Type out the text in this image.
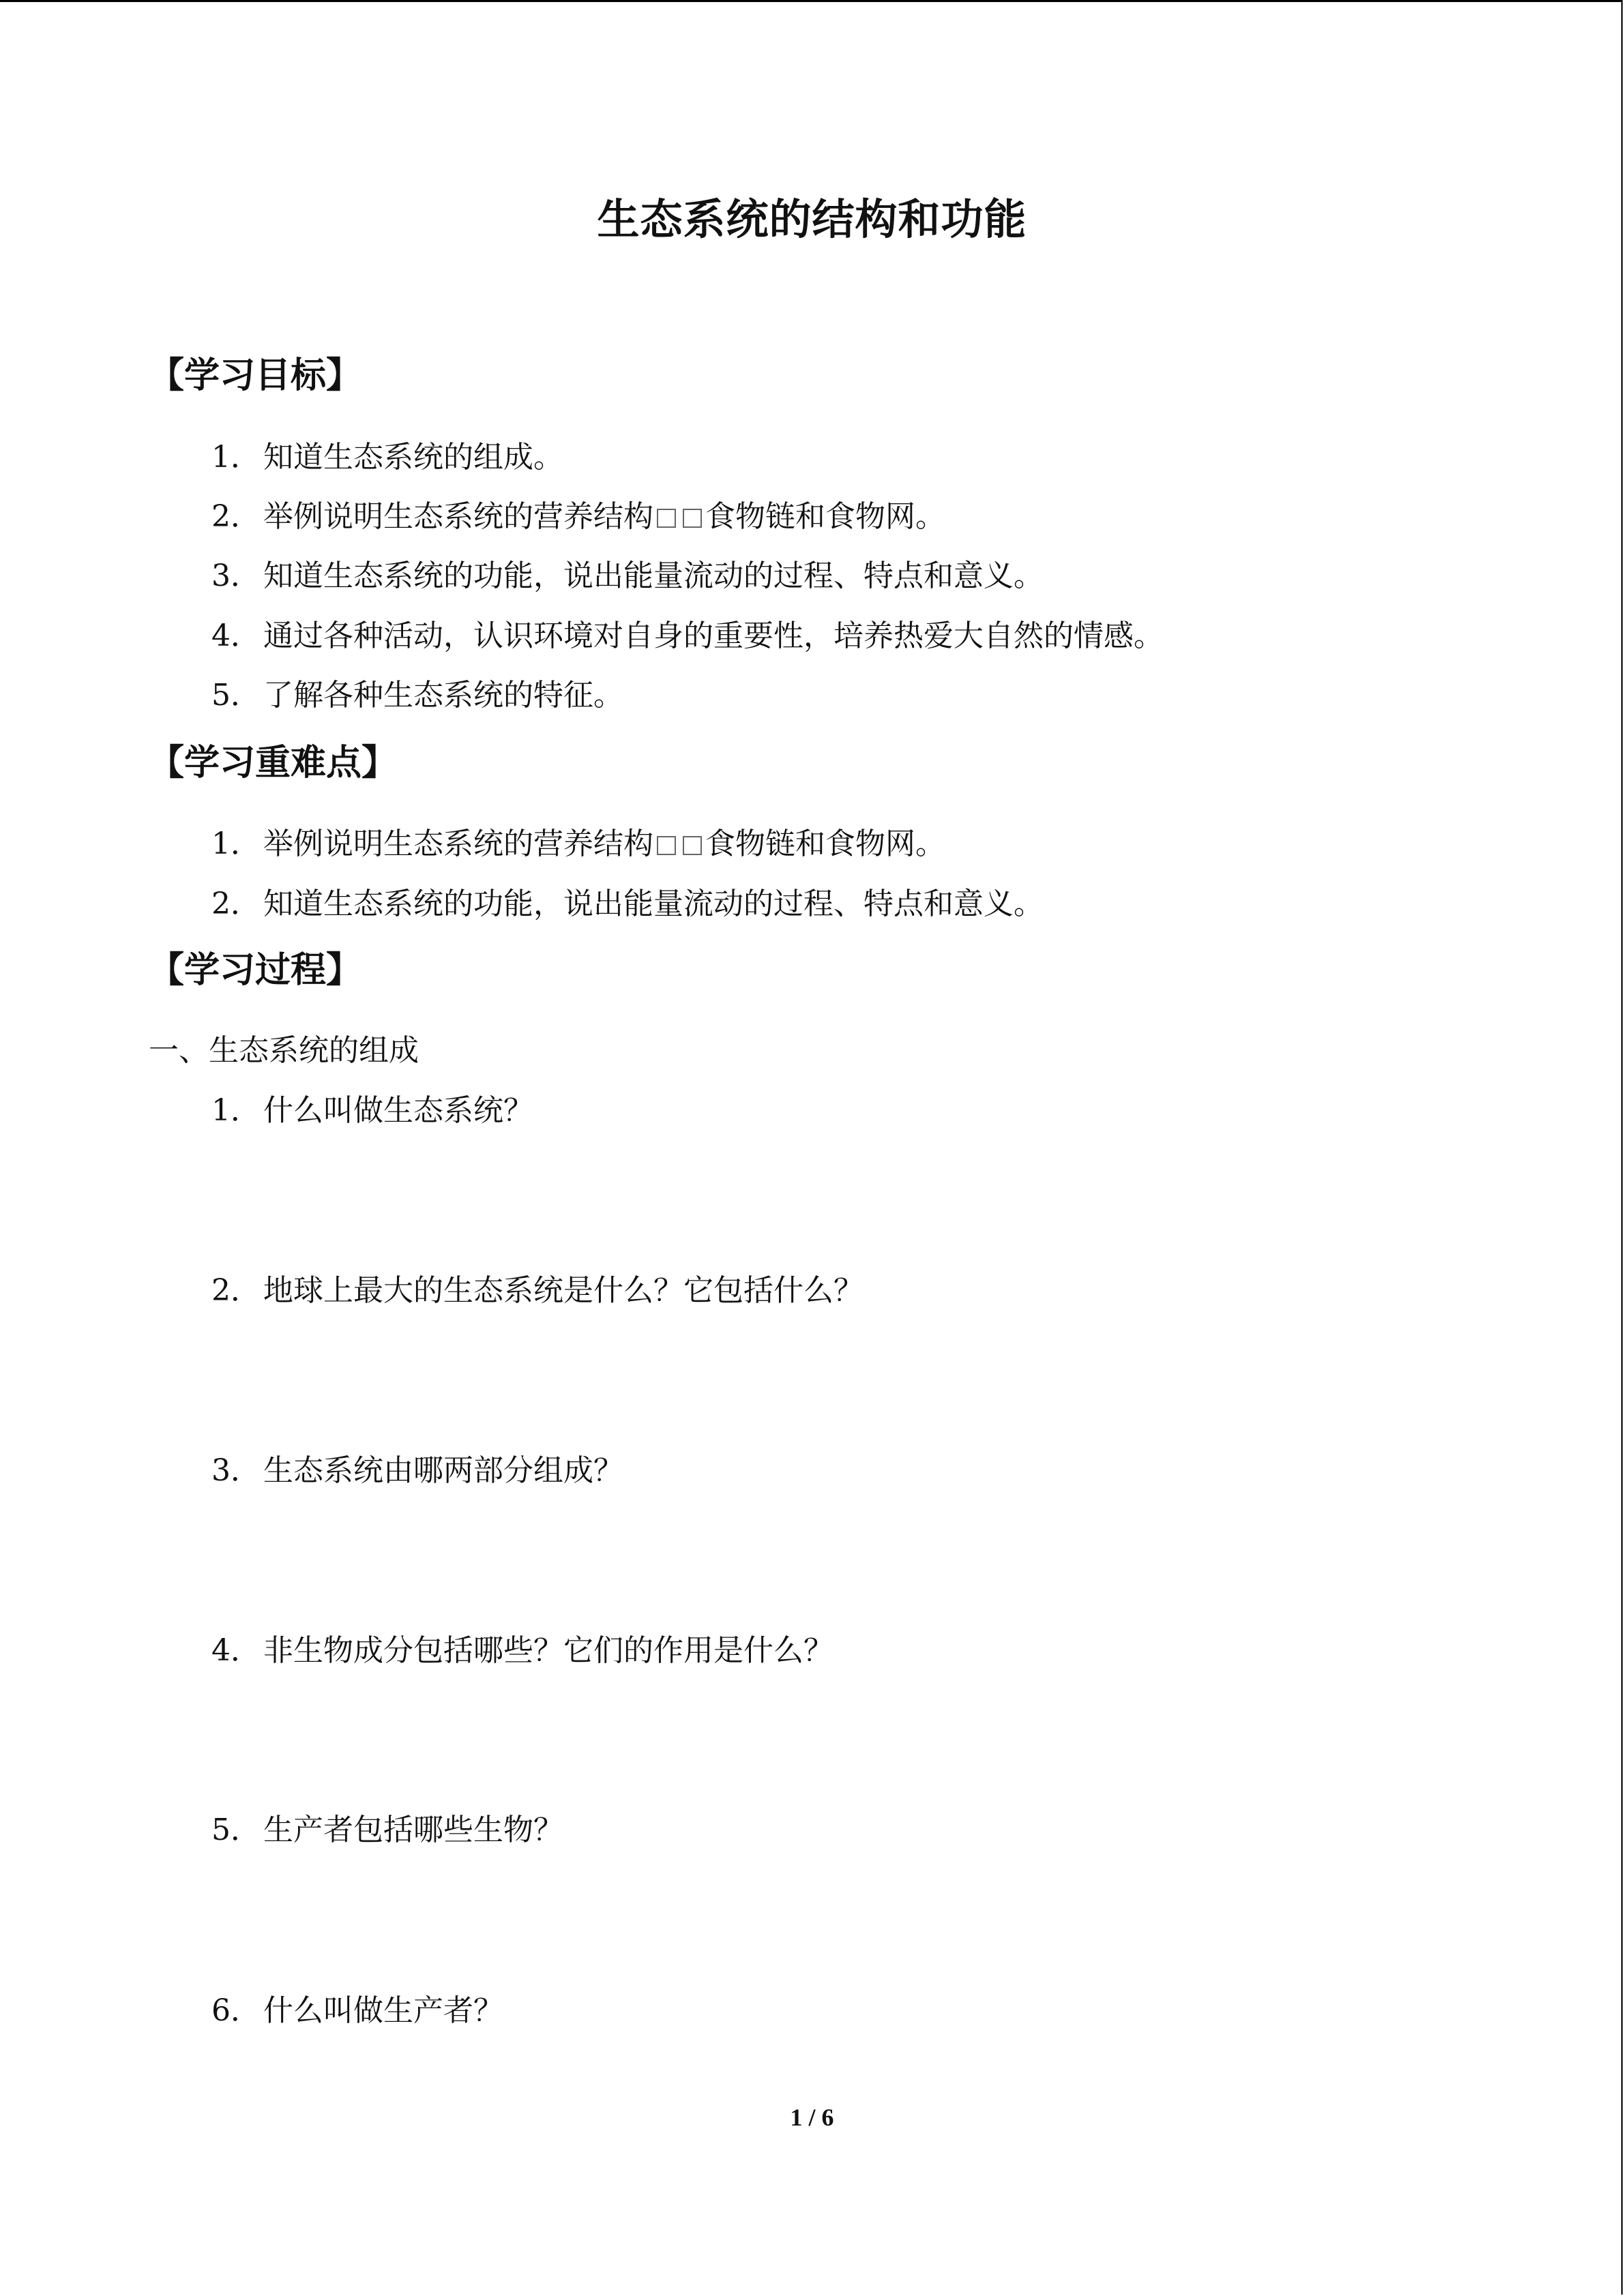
生态系统的结构和功能
【学习目标】
1．知道生态系统的组成。
2．举例说明生态系统的营养结构 食物链和食物网。
3．知道生态系统的功能，说出能量流动的过程、特点和意义。
4．通过各种活动，认识环境对自身的重要性，培养热爱大自然的情感。
5．了解各种生态系统的特征。
【学习重难点】
1．举例说明生态系统的营养结构 食物链和食物网。
2．知道生态系统的功能，说出能量流动的过程、特点和意义。
【学习过程】
一、生态系统的组成
1．什么叫做生态系统？
2．地球上最大的生态系统是什么？它包括什么？
3．生态系统由哪两部分组成？
4．非生物成分包括哪些？它们的作用是什么？
5．生产者包括哪些生物？
6．什么叫做生产者？
1 / 6
